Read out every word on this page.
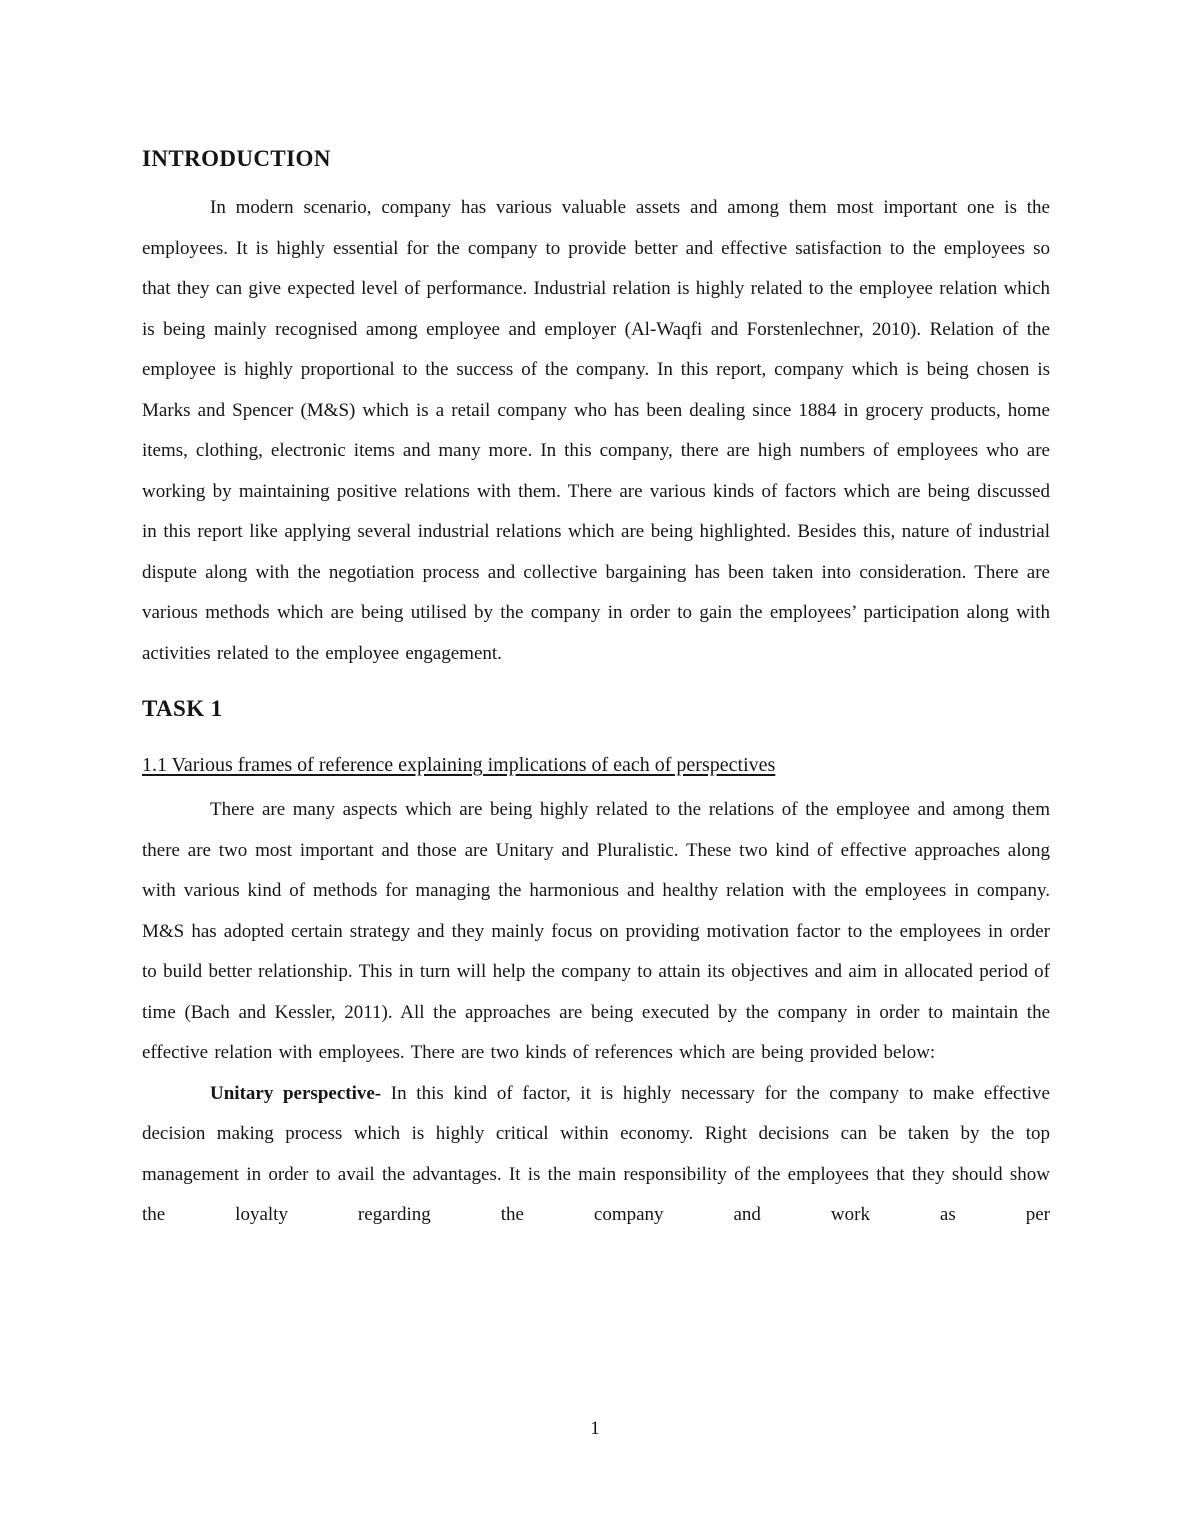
INTRODUCTION

In modern scenario, company has various valuable assets and among them most important one is the employees. It is highly essential for the company to provide better and effective satisfaction to the employees so that they can give expected level of performance. Industrial relation is highly related to the employee relation which is being mainly recognised among employee and employer (Al-Waqfi and Forstenlechner, 2010). Relation of the employee is highly proportional to the success of the company. In this report, company which is being chosen is Marks and Spencer (M&S) which is a retail company who has been dealing since 1884 in grocery products, home items, clothing, electronic items and many more. In this company, there are high numbers of employees who are working by maintaining positive relations with them. There are various kinds of factors which are being discussed in this report like applying several industrial relations which are being highlighted. Besides this, nature of industrial dispute along with the negotiation process and collective bargaining has been taken into consideration. There are various methods which are being utilised by the company in order to gain the employees’ participation along with activities related to the employee engagement.

TASK 1
1.1 Various frames of reference explaining implications of each of perspectives

There are many aspects which are being highly related to the relations of the employee and among them there are two most important and those are Unitary and Pluralistic. These two kind of effective approaches along with various kind of methods for managing the harmonious and healthy relation with the employees in company. M&S has adopted certain strategy and they mainly focus on providing motivation factor to the employees in order to build better relationship. This in turn will help the company to attain its objectives and aim in allocated period of time (Bach and Kessler, 2011). All the approaches are being executed by the company in order to maintain the effective relation with employees. There are two kinds of references which are being provided below:

Unitary perspective- In this kind of factor, it is highly necessary for the company to make effective decision making process which is highly critical within economy. Right decisions can be taken by the top management in order to avail the advantages. It is the main responsibility of the employees that they should show the loyalty regarding the company and work as per

1
